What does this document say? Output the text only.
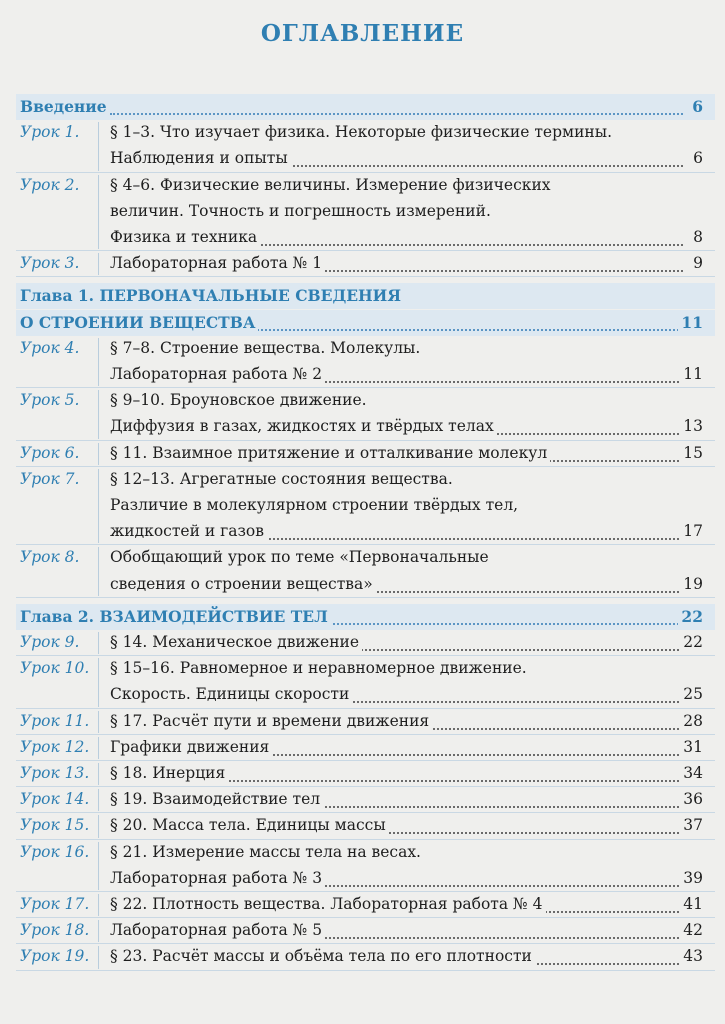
ОГЛАВЛЕНИЕ
Введение	6
Урок 1.	§ 1–3. Что изучает физика. Некоторые физические термины.
Наблюдения и опыты	6
Урок 2.	§ 4–6. Физические величины. Измерение физических
величин. Точность и погрешность измерений.
Физика и техника	8
Урок 3.	Лабораторная работа № 1	9
Глава 1. ПЕРВОНАЧАЛЬНЫЕ СВЕДЕНИЯ
О СТРОЕНИИ ВЕЩЕСТВА	11
Урок 4.	§ 7–8. Строение вещества. Молекулы.
Лабораторная работа № 2	11
Урок 5.	§ 9–10. Броуновское движение.
Диффузия в газах, жидкостях и твёрдых телах	13
Урок 6.	§ 11. Взаимное притяжение и отталкивание молекул	15
Урок 7.	§ 12–13. Агрегатные состояния вещества.
Различие в молекулярном строении твёрдых тел,
жидкостей и газов	17
Урок 8.	Обобщающий урок по теме «Первоначальные
сведения о строении вещества»	19
Глава 2. ВЗАИМОДЕЙСТВИЕ ТЕЛ	22
Урок 9.	§ 14. Механическое движение	22
Урок 10.	§ 15–16. Равномерное и неравномерное движение.
Скорость. Единицы скорости	25
Урок 11.	§ 17. Расчёт пути и времени движения	28
Урок 12.	Графики движения	31
Урок 13.	§ 18. Инерция	34
Урок 14.	§ 19. Взаимодействие тел	36
Урок 15.	§ 20. Масса тела. Единицы массы	37
Урок 16.	§ 21. Измерение массы тела на весах.
Лабораторная работа № 3	39
Урок 17.	§ 22. Плотность вещества. Лабораторная работа № 4	41
Урок 18.	Лабораторная работа № 5	42
Урок 19.	§ 23. Расчёт массы и объёма тела по его плотности	43
